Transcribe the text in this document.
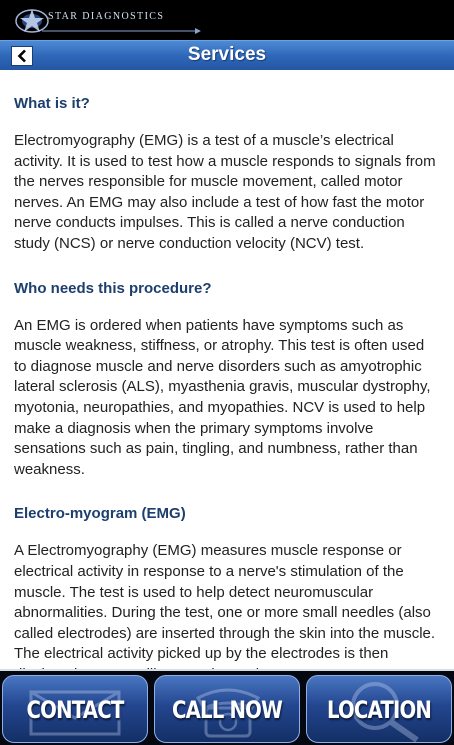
STAR DIAGNOSTICS
Services
What is it?

Electromyography (EMG) is a test of a muscle’s electrical activity. It is used to test how a muscle responds to signals from the nerves responsible for muscle movement, called motor nerves. An EMG may also include a test of how fast the motor nerve conducts impulses. This is called a nerve conduction study (NCS) or nerve conduction velocity (NCV) test.

Who needs this procedure?

An EMG is ordered when patients have symptoms such as muscle weakness, stiffness, or atrophy. This test is often used to diagnose muscle and nerve disorders such as amyotrophic lateral sclerosis (ALS), myasthenia gravis, muscular dystrophy, myotonia, neuropathies, and myopathies. NCV is used to help make a diagnosis when the primary symptoms involve sensations such as pain, tingling, and numbness, rather than weakness.

Electro-myogram (EMG)

A Electromyography (EMG) measures muscle response or electrical activity in response to a nerve's stimulation of the muscle. The test is used to help detect neuromuscular abnormalities. During the test, one or more small needles (also called electrodes) are inserted through the skin into the muscle. The electrical activity picked up by the electrodes is then

CONTACT	CALL NOW LOCATION
